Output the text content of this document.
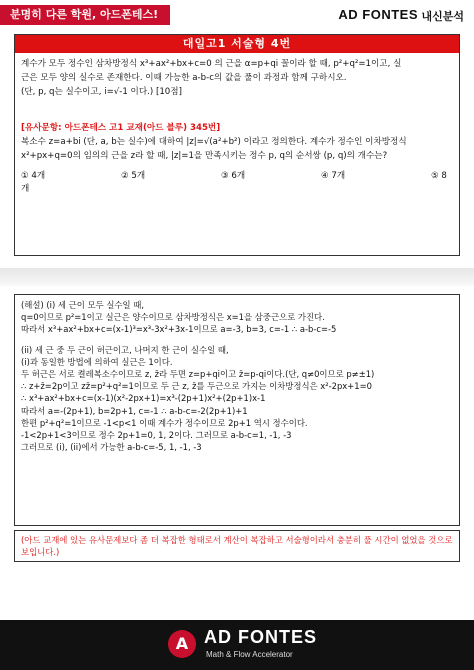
분명히 다른 학원, 아드폰테스!	AD FONTES 내신분석
대일고1 서술형 4번

계수가 모두 정수인 삼차방정식 x³+ax²+bx+c=0 의 근을 α=p+qi 꼴이라 할 때, p²+q²=1이고, 실

근은 모두 양의 실수로 존재한다. 이때 가능한 a-b-c의 값을 풀이 과정과 함께 구하시오.

(단, p, q는 실수이고, i=√-1 이다.) [10점]

[유사문항: 아드폰테스 고1 교재(아드 블루) 345번]

복소수 z=a+bi (단, a, b는 실수)에 대하여 |z|=√(a²+b²) 이라고 정의한다. 계수가 정수인 이차방정식

x²+px+q=0의 임의의 근을 z라 할 때, |z|=1을 만족시키는 정수 p, q의 순서쌍 (p, q)의 개수는?

① 4개	② 5개	③ 6개	④ 7개	⑤ 8
개

(해설) (i) 세 근이 모두 실수일 때,

q=0이므로 p²=1이고 실근은 양수이므로 삼차방정식은 x=1을 삼중근으로 가진다.

따라서 x³+ax²+bx+c=(x-1)³=x³-3x²+3x-1이므로 a=-3, b=3, c=-1 ∴ a-b-c=-5

(ii) 세 근 중 두 근이 허근이고, 나머지 한 근이 실수일 때,

(i)과 동일한 방법에 의하여 실근은 1이다.

두 허근은 서로 켤레복소수이므로 z, z̄라 두면 z=p+qi이고 z̄=p-qi이다.(단, q≠0이므로 p≠±1)

∴ z+z̄=2p이고 zz̄=p²+q²=1이므로 두 근 z, z̄를 두근으로 가지는 이차방정식은 x²-2px+1=0

∴ x³+ax²+bx+c=(x-1)(x²-2px+1)=x³-(2p+1)x²+(2p+1)x-1

따라서 a=-(2p+1), b=2p+1, c=-1 ∴ a-b-c=-2(2p+1)+1

한편 p²+q²=1이므로 -1<p<1 이때 계수가 정수이므로 2p+1 역시 정수이다.

-1<2p+1<3이므로 정수 2p+1=0, 1, 2이다. 그러므로 a-b-c=1, -1, -3

그러므로 (i), (ii)에서 가능한 a-b-c=-5, 1, -1, -3

(아드 교재에 있는 유사문제보다 좀 더 복잡한 형태로서 계산이 복잡하고 서술형이라서 충분히 풀 시간이 없었을 것으로 보입니다.)
A AD FONTES
Math & Flow Accelerator
